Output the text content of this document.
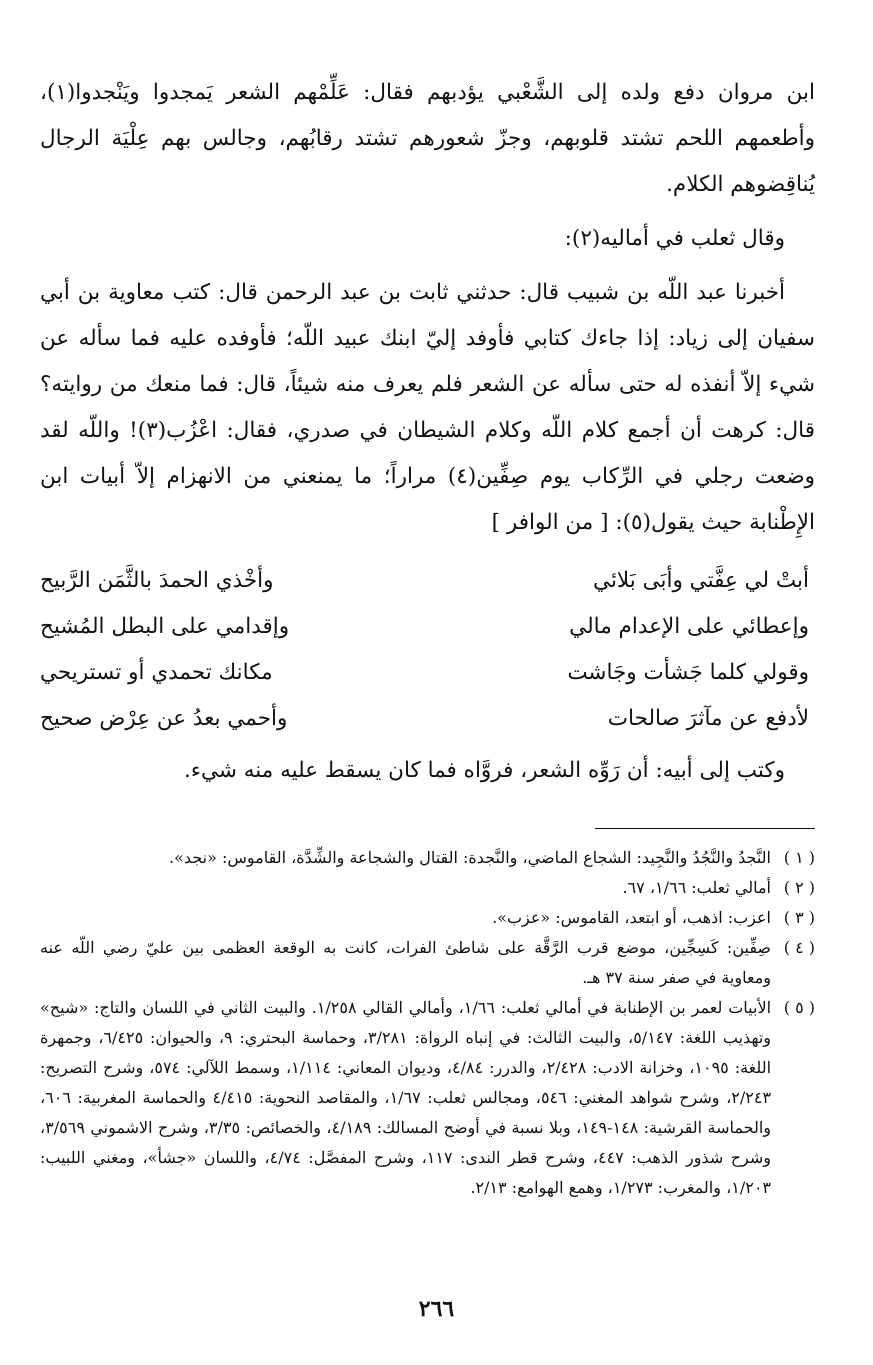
ابن مروان دفع ولده إلى الشَّعْبي يؤدبهم فقال: عَلِّمْهم الشعر يَمجدوا ويَنْجدوا(١)، وأطعمهم اللحم تشتد قلوبهم، وجزّ شعورهم تشتد رقابُهم، وجالس بهم عِلْيَة الرجال يُناقِضوهم الكلام.

وقال ثعلب في أماليه(٢):

أخبرنا عبد اللّه بن شبيب قال: حدثني ثابت بن عبد الرحمن قال: كتب معاوية بن أبي سفيان إلى زياد: إذا جاءك كتابي فأوفد إليّ ابنك عبيد اللّه؛ فأوفده عليه فما سأله عن شيء إلاّ أنفذه له حتى سأله عن الشعر فلم يعرف منه شيئاً، قال: فما منعك من روايته؟ قال: كرهت أن أجمع كلام اللّه وكلام الشيطان في صدري، فقال: اعْزُب(٣)! واللّه لقد وضعت رجلي في الرِّكاب يوم صِفِّين(٤) مراراً؛ ما يمنعني من الانهزام إلاّ أبيات ابن الإِطْنابة حيث يقول(٥): [ من الوافر ]

أبتْ لي عِفَّتي وأبَى بَلائي
وأخْذي الحمدَ بالثَّمَن الرَّبيح
وإعطائي على الإعدام مالي
وإقدامي على البطل المُشيح
وقولي كلما جَشأت وجَاشت
مكانك تحمدي أو تستريحي
لأدفع عن مآثرَ صالحات
وأحمي بعدُ عن عِرْض صحيح

وكتب إلى أبيه: أن رَوِّه الشعر، فروَّاه فما كان يسقط عليه منه شيء.

( ١ )
النَّجدُ والنَّجُدُ والنَّجِيد: الشجاع الماضي، والنَّجدة: القتال والشجاعة والشِّدَّة، القاموس: «نجد».

( ٢ )
أمالي ثعلب: ١/٦٦، ٦٧.

( ٣ )
اعزب: اذهب، أو ابتعد، القاموس: «عزب».

( ٤ )
صِفِّين: كَسِجِّين، موضع قرب الرَّقَّة على شاطئ الفرات، كانت به الوقعة العظمى بين عليّ رضي اللّه عنه ومعاوية في صفر سنة ٣٧ هـ.

( ٥ )
الأبيات لعمر بن الإطنابة في أمالي ثعلب: ١/٦٦، وأمالي القالي ١/٢٥٨. والبيت الثاني في اللسان والتاج: «شيح» وتهذيب اللغة: ٥/١٤٧، والبيت الثالث: في إنباه الرواة: ٣/٢٨١، وحماسة البحتري: ٩، والحيوان: ٦/٤٢٥، وجمهرة اللغة: ١٠٩٥، وخزانة الادب: ٢/٤٢٨، والدرر: ٤/٨٤، وديوان المعاني: ١/١١٤، وسمط اللآلي: ٥٧٤، وشرح التصريح: ٢/٢٤٣، وشرح شواهد المغني: ٥٤٦، ومجالس ثعلب: ١/٦٧، والمقاصد النحوية: ٤/٤١٥ والحماسة المغربية: ٦٠٦، والحماسة القرشية: ١٤٨-١٤٩، وبلا نسبة في أوضح المسالك: ٤/١٨٩، والخصائص: ٣/٣٥، وشرح الاشموني ٣/٥٦٩، وشرح شذور الذهب: ٤٤٧، وشرح قطر الندى: ١١٧، وشرح المفصَّل: ٤/٧٤، واللسان «جشأ»، ومغني اللبيب: ١/٢٠٣، والمغرب: ١/٢٧٣، وهمع الهوامع: ٢/١٣.

٢٦٦
